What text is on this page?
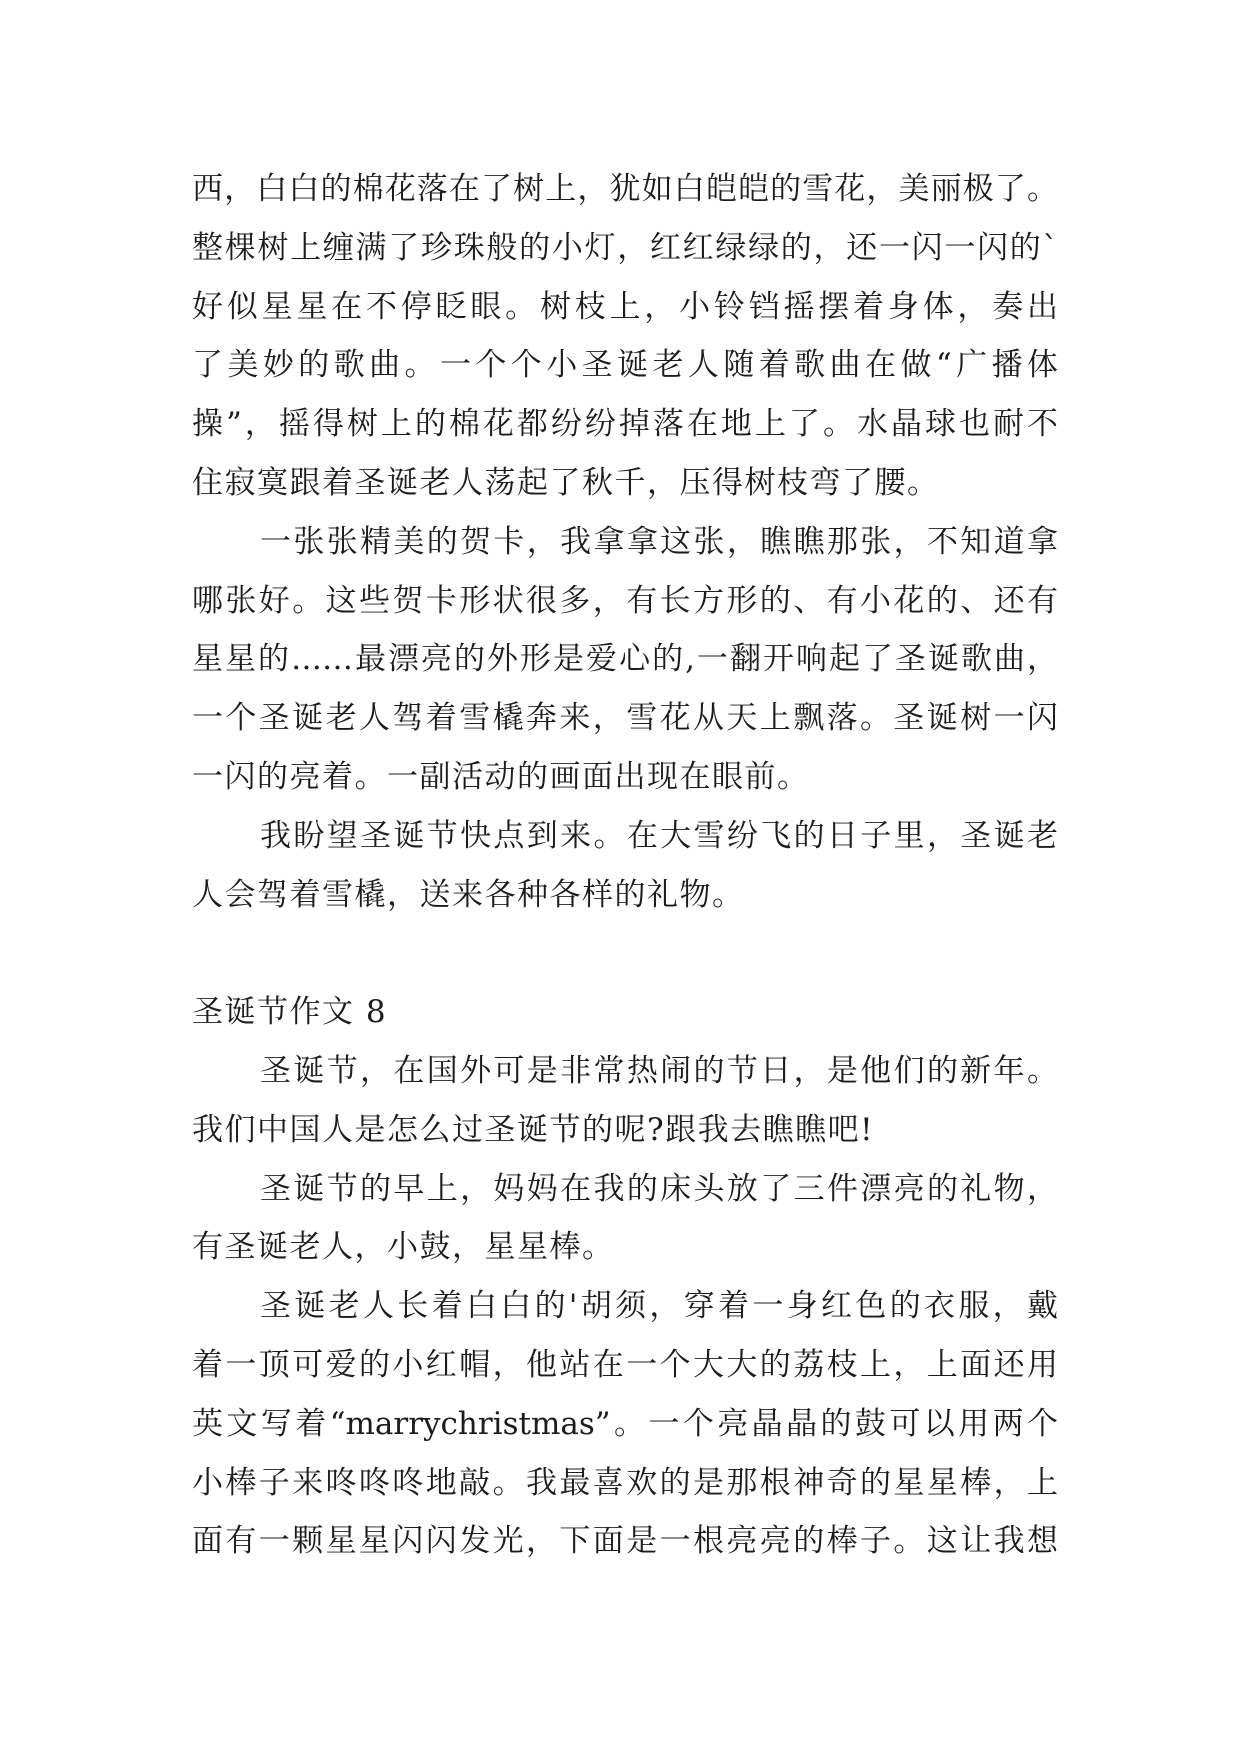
西，白白的棉花落在了树上，犹如白皑皑的雪花，美丽极了。
整棵树上缠满了珍珠般的小灯，红红绿绿的，还一闪一闪的`
好似星星在不停眨眼。树枝上，小铃铛摇摆着身体，奏出
了美妙的歌曲。一个个小圣诞老人随着歌曲在做“广播体
操”，摇得树上的棉花都纷纷掉落在地上了。水晶球也耐不
住寂寞跟着圣诞老人荡起了秋千，压得树枝弯了腰。
一张张精美的贺卡，我拿拿这张，瞧瞧那张，不知道拿
哪张好。这些贺卡形状很多，有长方形的、有小花的、还有
星星的……最漂亮的外形是爱心的,一翻开响起了圣诞歌曲，
一个圣诞老人驾着雪橇奔来，雪花从天上飘落。圣诞树一闪
一闪的亮着。一副活动的画面出现在眼前。
我盼望圣诞节快点到来。在大雪纷飞的日子里，圣诞老
人会驾着雪橇，送来各种各样的礼物。
圣诞节作文 8
圣诞节，在国外可是非常热闹的节日，是他们的新年。
我们中国人是怎么过圣诞节的呢?跟我去瞧瞧吧!
圣诞节的早上，妈妈在我的床头放了三件漂亮的礼物，
有圣诞老人，小鼓，星星棒。
圣诞老人长着白白的'胡须，穿着一身红色的衣服，戴
着一顶可爱的小红帽，他站在一个大大的荔枝上，上面还用
英文写着“marrychristmas”。一个亮晶晶的鼓可以用两个
小棒子来咚咚咚地敲。我最喜欢的是那根神奇的星星棒，上
面有一颗星星闪闪发光，下面是一根亮亮的棒子。这让我想
